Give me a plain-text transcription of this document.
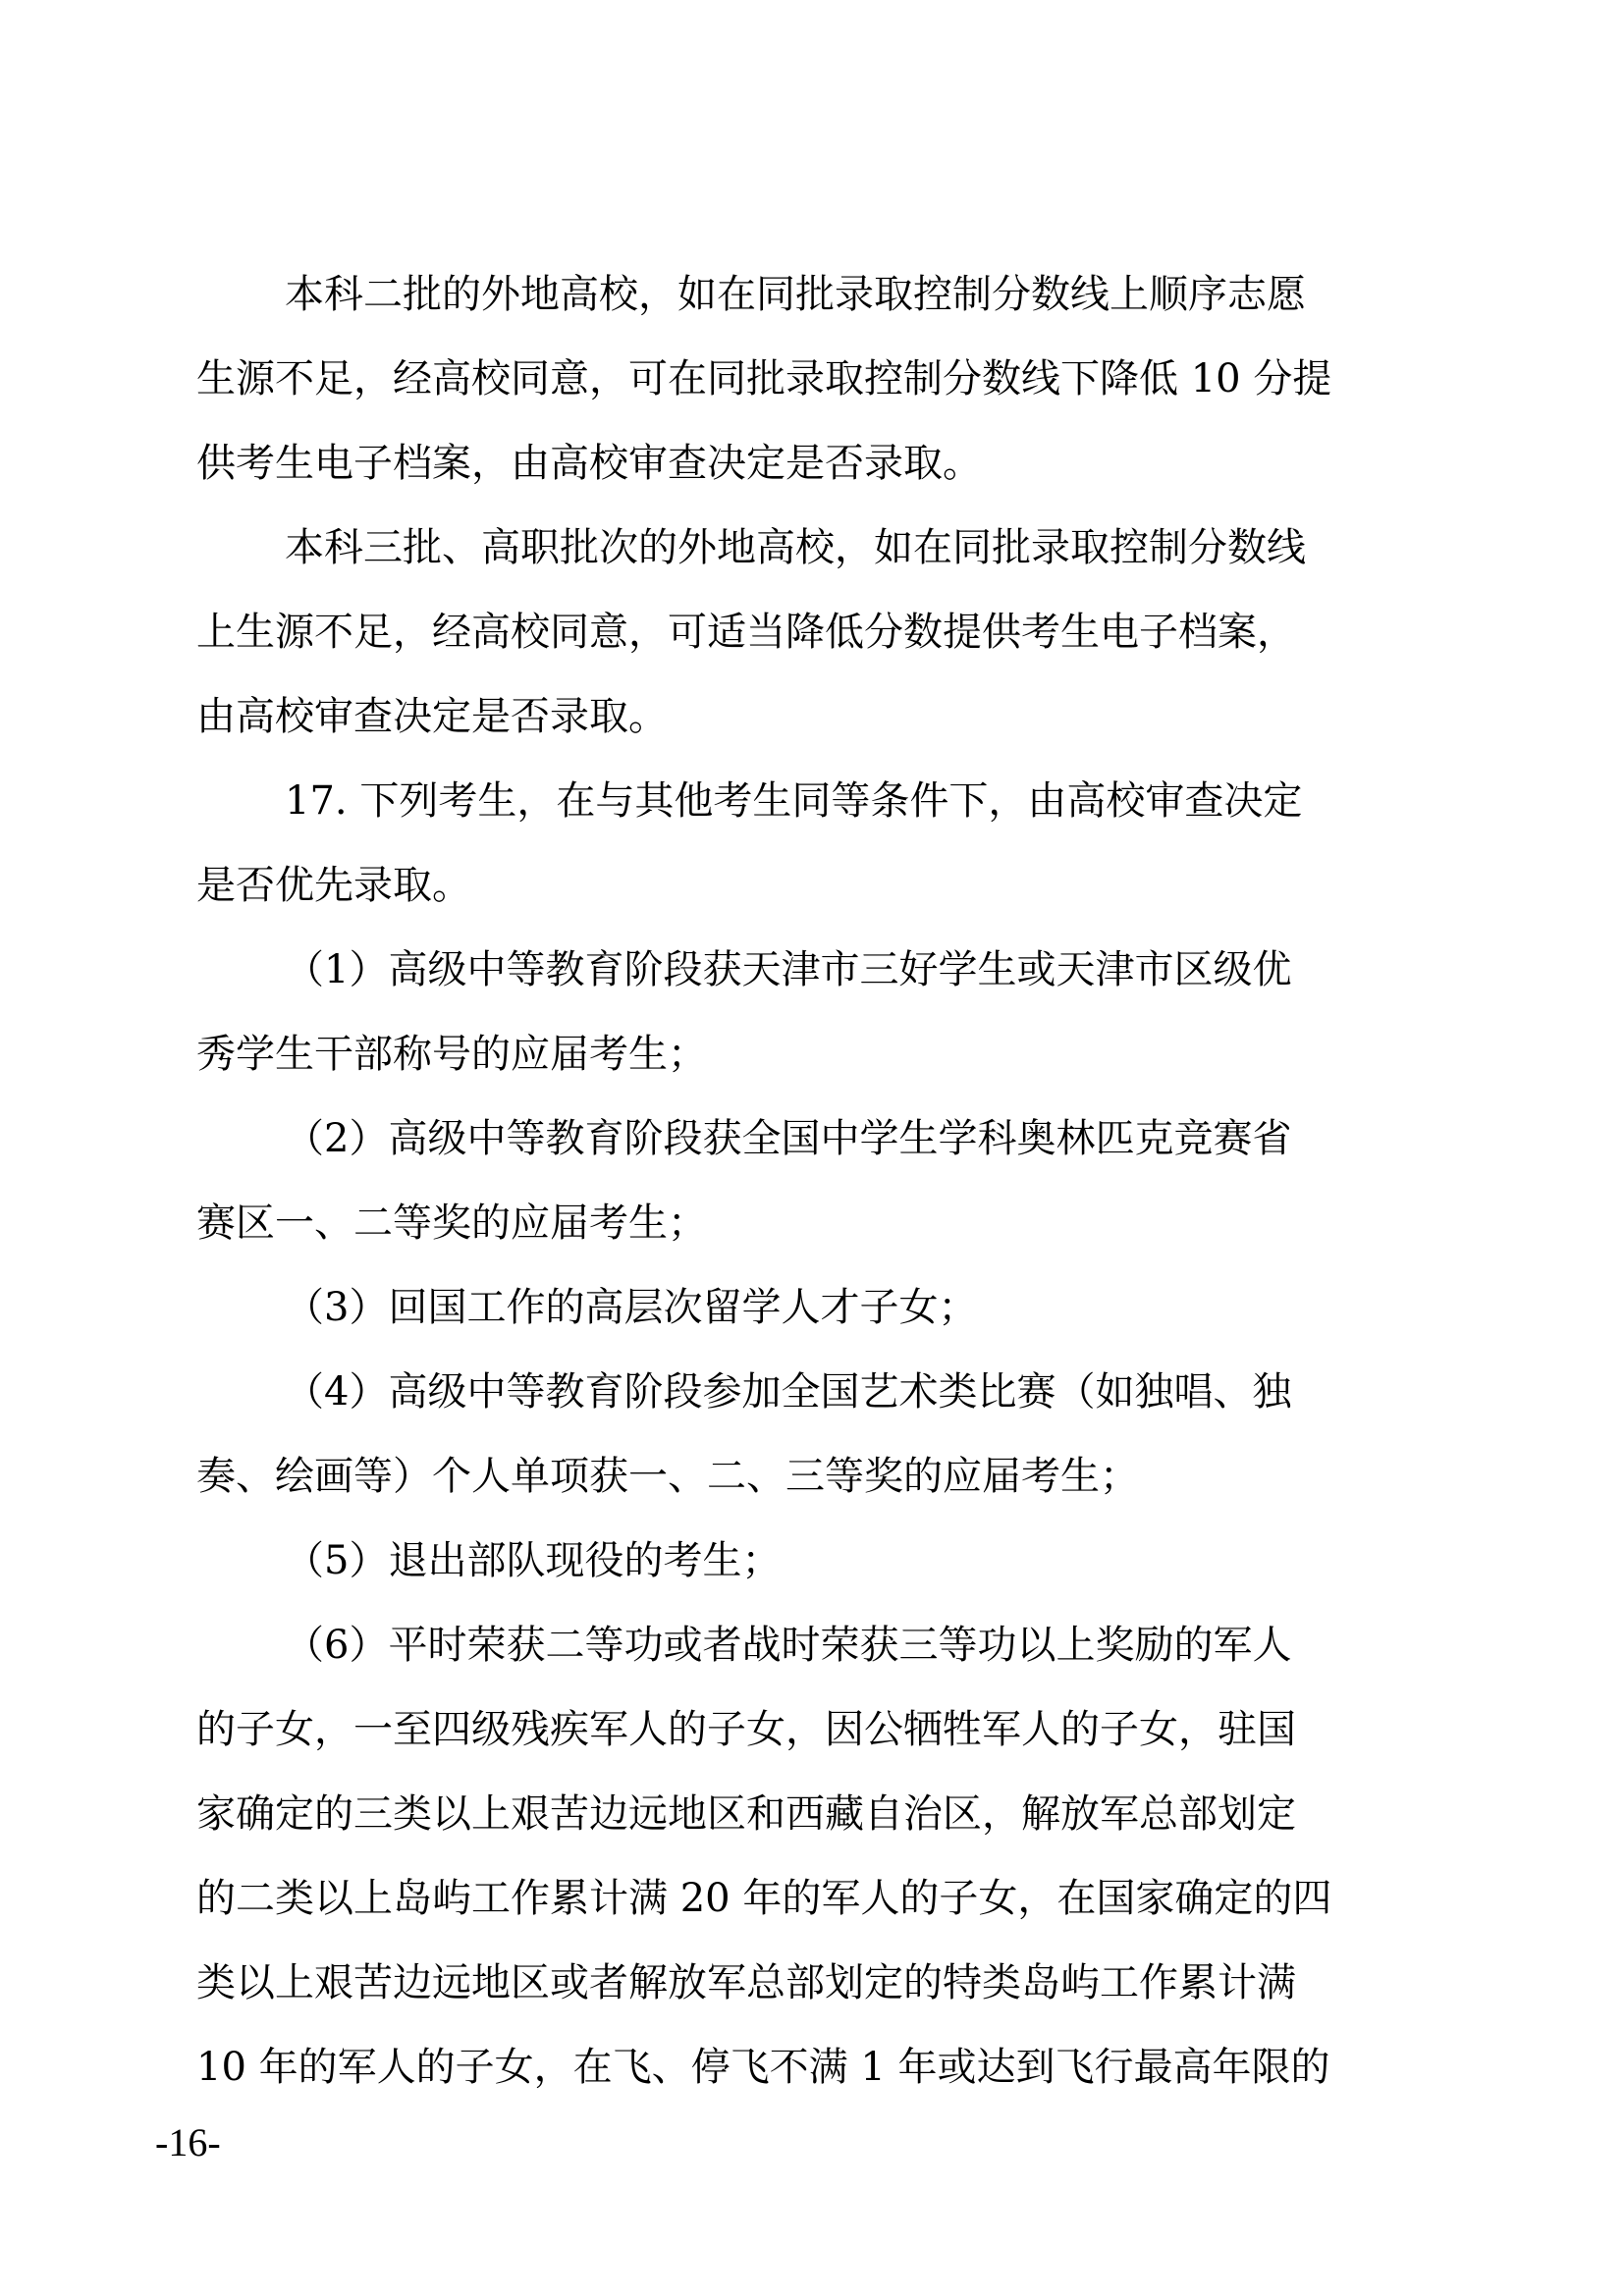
本科二批的外地高校，如在同批录取控制分数线上顺序志愿
生源不足，经高校同意，可在同批录取控制分数线下降低 10 分提
供考生电子档案，由高校审查决定是否录取。
本科三批、高职批次的外地高校，如在同批录取控制分数线
上生源不足，经高校同意，可适当降低分数提供考生电子档案，
由高校审查决定是否录取。
17. 下列考生，在与其他考生同等条件下，由高校审查决定
是否优先录取。
（1）高级中等教育阶段获天津市三好学生或天津市区级优
秀学生干部称号的应届考生；
（2）高级中等教育阶段获全国中学生学科奥林匹克竞赛省
赛区一、二等奖的应届考生；
（3）回国工作的高层次留学人才子女；
（4）高级中等教育阶段参加全国艺术类比赛（如独唱、独
奏、绘画等）个人单项获一、二、三等奖的应届考生；
（5）退出部队现役的考生；
（6）平时荣获二等功或者战时荣获三等功以上奖励的军人
的子女，一至四级残疾军人的子女，因公牺牲军人的子女，驻国
家确定的三类以上艰苦边远地区和西藏自治区，解放军总部划定
的二类以上岛屿工作累计满 20 年的军人的子女，在国家确定的四
类以上艰苦边远地区或者解放军总部划定的特类岛屿工作累计满
10 年的军人的子女，在飞、停飞不满 1 年或达到飞行最高年限的
-16-
